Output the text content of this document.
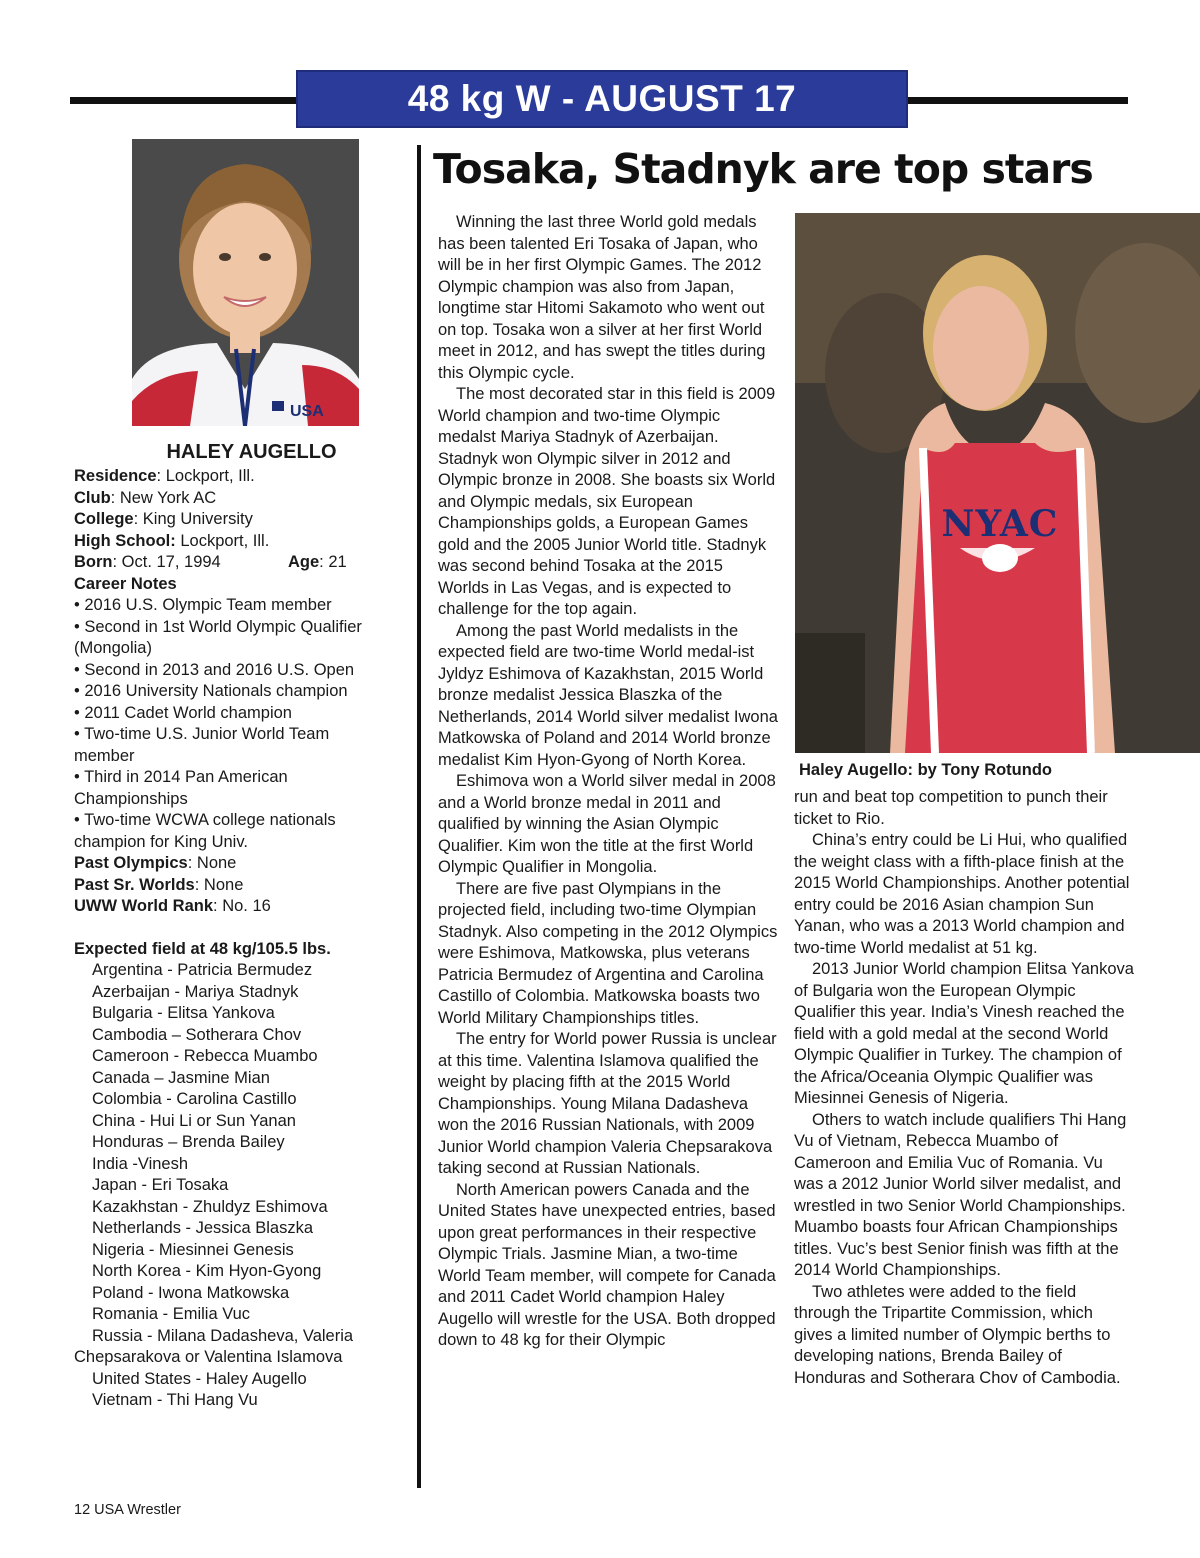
48 kg W - AUGUST 17
USA
NYAC
Haley Augello: by Tony Rotundo
Tosaka, Stadnyk are top stars
HALEY AUGELLO
Residence: Lockport, Ill.
Club: New York AC
College: King University
High School: Lockport, Ill.
Born: Oct. 17, 1994	Age: 21
Career Notes
• 2016 U.S. Olympic Team member
• Second in 1st World Olympic Qualifier
(Mongolia)
• Second in 2013 and 2016 U.S. Open
• 2016 University Nationals champion
• 2011 Cadet World champion
• Two-time U.S. Junior World Team
member
• Third in 2014 Pan American
Championships
• Two-time WCWA college nationals
champion for King Univ.
Past Olympics: None
Past Sr. Worlds: None
UWW World Rank: No. 16
Expected field at 48 kg/105.5 lbs.
Argentina - Patricia Bermudez
Azerbaijan - Mariya Stadnyk
Bulgaria - Elitsa Yankova
Cambodia – Sotherara Chov
Cameroon - Rebecca Muambo
Canada – Jasmine Mian
Colombia - Carolina Castillo
China - Hui Li or Sun Yanan
Honduras – Brenda Bailey
India -Vinesh
Japan - Eri Tosaka
Kazakhstan - Zhuldyz Eshimova
Netherlands - Jessica Blaszka
Nigeria - Miesinnei Genesis
North Korea - Kim Hyon-Gyong
Poland - Iwona Matkowska
Romania - Emilia Vuc
Russia - Milana Dadasheva, Valeria
Chepsarakova or Valentina Islamova
United States - Haley Augello
Vietnam - Thi Hang Vu

Winning the last three World gold medals has been talented Eri Tosaka of Japan, who will be in her first Olympic Games. The 2012 Olympic champion was also from Japan, longtime star Hitomi Sakamoto who went out on top. Tosaka won a silver at her first World meet in 2012, and has swept the titles during this Olympic cycle.

The most decorated star in this field is 2009 World champion and two-time Olympic medalst Mariya Stadnyk of Azerbaijan. Stadnyk won Olympic silver in 2012 and Olympic bronze in 2008. She boasts six World and Olympic medals, six European Championships golds, a European Games gold and the 2005 Junior World title. Stadnyk was second behind Tosaka at the 2015 Worlds in Las Vegas, and is expected to challenge for the top again.

Among the past World medalists in the expected field are two-time World medal-ist Jyldyz Eshimova of Kazakhstan, 2015 World bronze medalist Jessica Blaszka of the Netherlands, 2014 World silver medalist Iwona Matkowska of Poland and 2014 World bronze medalist Kim Hyon-Gyong of North Korea.

Eshimova won a World silver medal in 2008 and a World bronze medal in 2011 and qualified by winning the Asian Olympic Qualifier. Kim won the title at the first World Olympic Qualifier in Mongolia.

There are five past Olympians in the projected field, including two-time Olympian Stadnyk. Also competing in the 2012 Olympics were Eshimova, Matkowska, plus veterans Patricia Bermudez of Argentina and Carolina Castillo of Colombia. Matkowska boasts two World Military Championships titles.

The entry for World power Russia is unclear at this time. Valentina Islamova qualified the weight by placing fifth at the 2015 World Championships. Young Milana Dadasheva won the 2016 Russian Nationals, with 2009 Junior World champion Valeria Chepsarakova taking second at Russian Nationals.

North American powers Canada and the United States have unexpected entries, based upon great performances in their respective Olympic Trials. Jasmine Mian, a two-time World Team member, will compete for Canada and 2011 Cadet World champion Haley Augello will wrestle for the USA. Both dropped down to 48 kg for their Olympic

run and beat top competition to punch their ticket to Rio.

China’s entry could be Li Hui, who qualified the weight class with a fifth-place finish at the 2015 World Championships. Another potential entry could be 2016 Asian champion Sun Yanan, who was a 2013 World champion and two-time World medalist at 51 kg.

2013 Junior World champion Elitsa Yankova of Bulgaria won the European Olympic Qualifier this year. India’s Vinesh reached the field with a gold medal at the second World Olympic Qualifier in Turkey. The champion of the Africa/Oceania Olympic Qualifier was Miesinnei Genesis of Nigeria.

Others to watch include qualifiers Thi Hang Vu of Vietnam, Rebecca Muambo of Cameroon and Emilia Vuc of Romania. Vu was a 2012 Junior World silver medalist, and wrestled in two Senior World Championships. Muambo boasts four African Championships titles. Vuc’s best Senior finish was fifth at the 2014 World Championships.

Two athletes were added to the field through the Tripartite Commission, which gives a limited number of Olympic berths to developing nations, Brenda Bailey of Honduras and Sotherara Chov of Cambodia.

12 USA Wrestler
